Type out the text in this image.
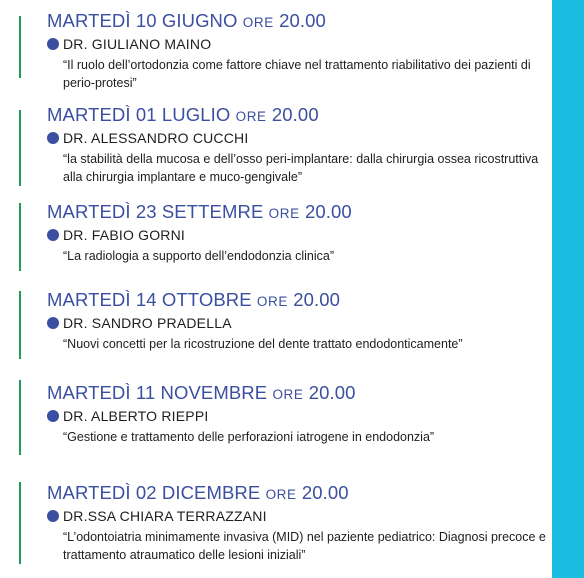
MARTEDÌ 10 GIUGNO ORE 20.00
DR. GIULIANO MAINO
“Il ruolo dell’ortodonzia come fattore chiave nel trattamento riabilitativo dei pazienti di perio-protesi”
MARTEDÌ 01 LUGLIO ORE 20.00
DR. ALESSANDRO CUCCHI
“la stabilità della mucosa e dell’osso peri-implantare: dalla chirurgia ossea ricostruttiva alla chirurgia implantare e muco-gengivale”
MARTEDÌ 23 SETTEMRE ORE 20.00
DR. FABIO GORNI
“La radiologia a supporto dell’endodonzia clinica”
MARTEDÌ 14 OTTOBRE ORE 20.00
DR. SANDRO PRADELLA
“Nuovi concetti per la ricostruzione del dente trattato endodonticamente”
MARTEDÌ 11 NOVEMBRE ORE 20.00
DR. ALBERTO RIEPPI
“Gestione e trattamento delle perforazioni iatrogene in endodonzia”
MARTEDÌ 02 DICEMBRE ORE 20.00
DR.SSA CHIARA TERRAZZANI
“L’odontoiatria minimamente invasiva (MID) nel paziente pediatrico: Diagnosi precoce e trattamento atraumatico delle lesioni iniziali”
